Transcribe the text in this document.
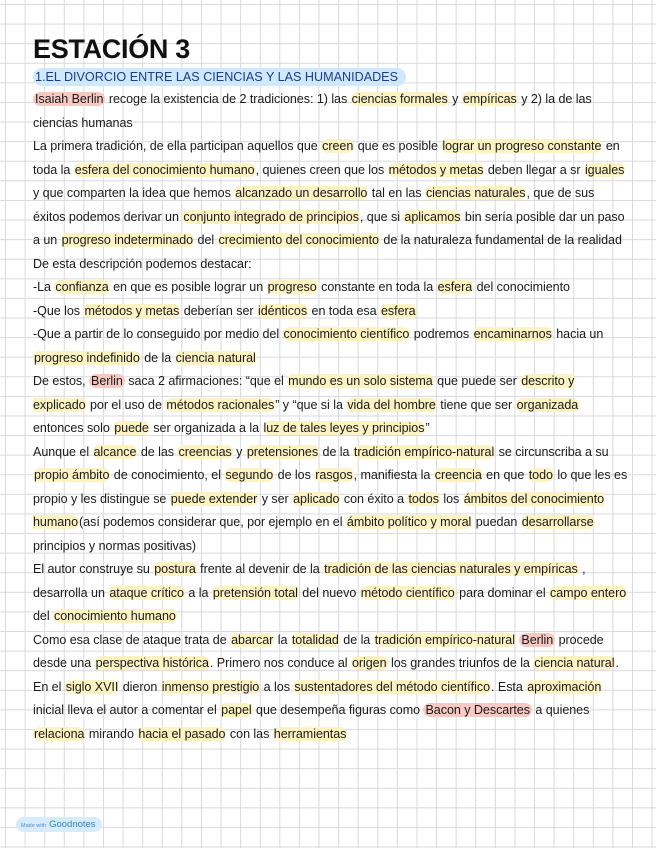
ESTACIÓN 3
1.EL DIVORCIO ENTRE LAS CIENCIAS Y LAS HUMANIDADES

Isaiah Berlin recoge la existencia de 2 tradiciones: 1) las ciencias formales y empíricas y 2) la de las ciencias humanas

La primera tradición, de ella participan aquellos que creen que es posible lograr un progreso constante en toda la esfera del conocimiento humano, quienes creen que los métodos y metas deben llegar a sr iguales y que comparten la idea que hemos alcanzado un desarrollo tal en las ciencias naturales, que de sus éxitos podemos derivar un conjunto integrado de principios, que si aplicamos bin sería posible dar un paso a un progreso indeterminado del crecimiento del conocimiento de la naturaleza fundamental de la realidad

De esta descripción podemos destacar:

-La confianza en que es posible lograr un progreso constante en toda la esfera del conocimiento

-Que los métodos y metas deberían ser idénticos en toda esa esfera

-Que a partir de lo conseguido por medio del conocimiento científico podremos encaminarnos hacia un progreso indefinido de la ciencia natural

De estos, Berlin saca 2 afirmaciones: “que el mundo es un solo sistema que puede ser descrito y explicado por el uso de métodos racionales” y “que si la vida del hombre tiene que ser organizada entonces solo puede ser organizada a la luz de tales leyes y principios”

Aunque el alcance de las creencias y pretensiones de la tradición empírico-natural se circunscriba a su propio ámbito de conocimiento, el segundo de los rasgos, manifiesta la creencia en que todo lo que les es propio y les distingue se puede extender y ser aplicado con éxito a todos los ámbitos del conocimiento humano(así podemos considerar que, por ejemplo en el ámbito político y moral puedan desarrollarse principios y normas positivas)

El autor construye su postura frente al devenir de la tradición de las ciencias naturales y empíricas , desarrolla un ataque crítico a la pretensión total del nuevo método científico para dominar el campo entero del conocimiento humano

Como esa clase de ataque trata de abarcar la totalidad de la tradición empírico-natural Berlin procede desde una perspectiva histórica. Primero nos conduce al origen los grandes triunfos de la ciencia natural. En el siglo XVII dieron inmenso prestigio a los sustentadores del método científico. Esta aproximación inicial lleva el autor a comentar el papel que desempeña figuras como Bacon y Descartes a quienes relaciona mirando hacia el pasado con las herramientas

Made with Goodnotes
